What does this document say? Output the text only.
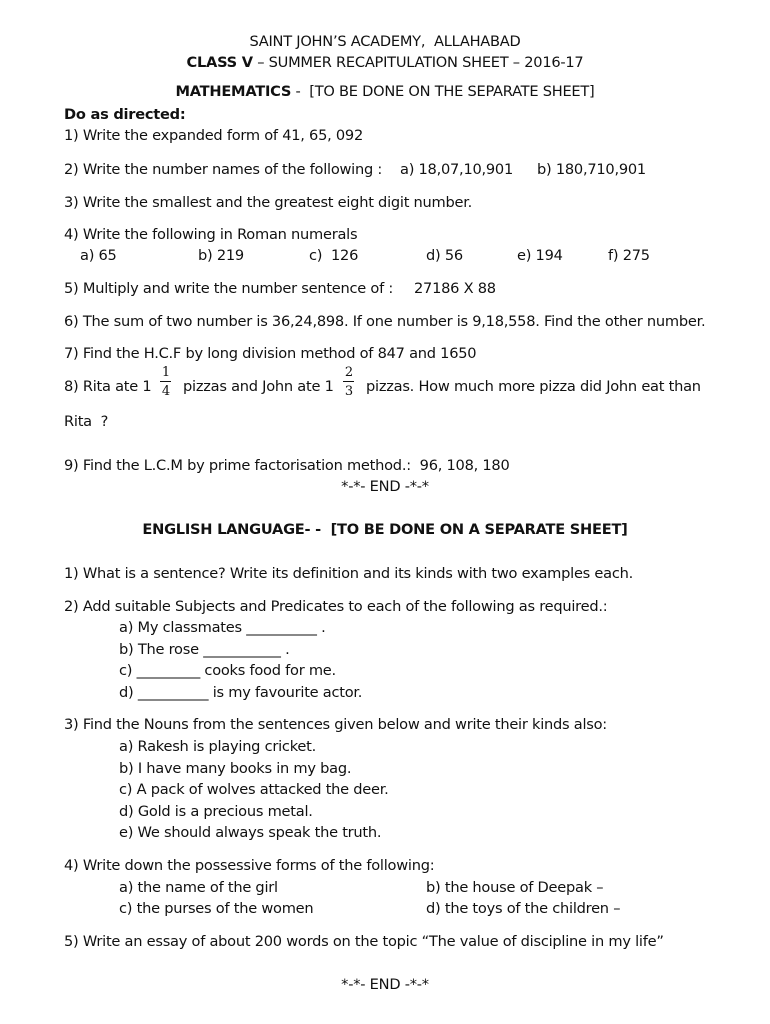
SAINT JOHN’S ACADEMY,  ALLAHABAD
CLASS V – SUMMER RECAPITULATION SHEET – 2016-17
MATHEMATICS -  [TO BE DONE ON THE SEPARATE SHEET]
Do as directed:
1) Write the expanded form of 41, 65, 092
2) Write the number names of the following : a) 18,07,10,901 b) 180,710,901
3) Write the smallest and the greatest eight digit number.
4) Write the following in Roman numerals
a) 65	b) 219	c)  126	d) 56	e) 194	f) 275
5) Multiply and write the number sentence of : 27186 X 88
6) The sum of two number is 36,24,898. If one number is 9,18,558. Find the other number.
7) Find the H.C.F by long division method of 847 and 1650
8) Rita ate 1
1
4 pizzas and John ate 1
2
3 pizzas. How much more pizza did John eat than
Rita  ?
9) Find the L.C.M by prime factorisation method.:  96, 108, 180
*-*- END -*-*
ENGLISH LANGUAGE- -  [TO BE DONE ON A SEPARATE SHEET]
1) What is a sentence? Write its definition and its kinds with two examples each.
2) Add suitable Subjects and Predicates to each of the following as required.:
a) My classmates __________ .
b) The rose ___________ .
c) _________ cooks food for me.
d) __________ is my favourite actor.
3) Find the Nouns from the sentences given below and write their kinds also:
a) Rakesh is playing cricket.
b) I have many books in my bag.
c) A pack of wolves attacked the deer.
d) Gold is a precious metal.
e) We should always speak the truth.
4) Write down the possessive forms of the following:
a) the name of the girl	b) the house of Deepak –
c) the purses of the women	d) the toys of the children –
5) Write an essay of about 200 words on the topic “The value of discipline in my life”
*-*- END -*-*
